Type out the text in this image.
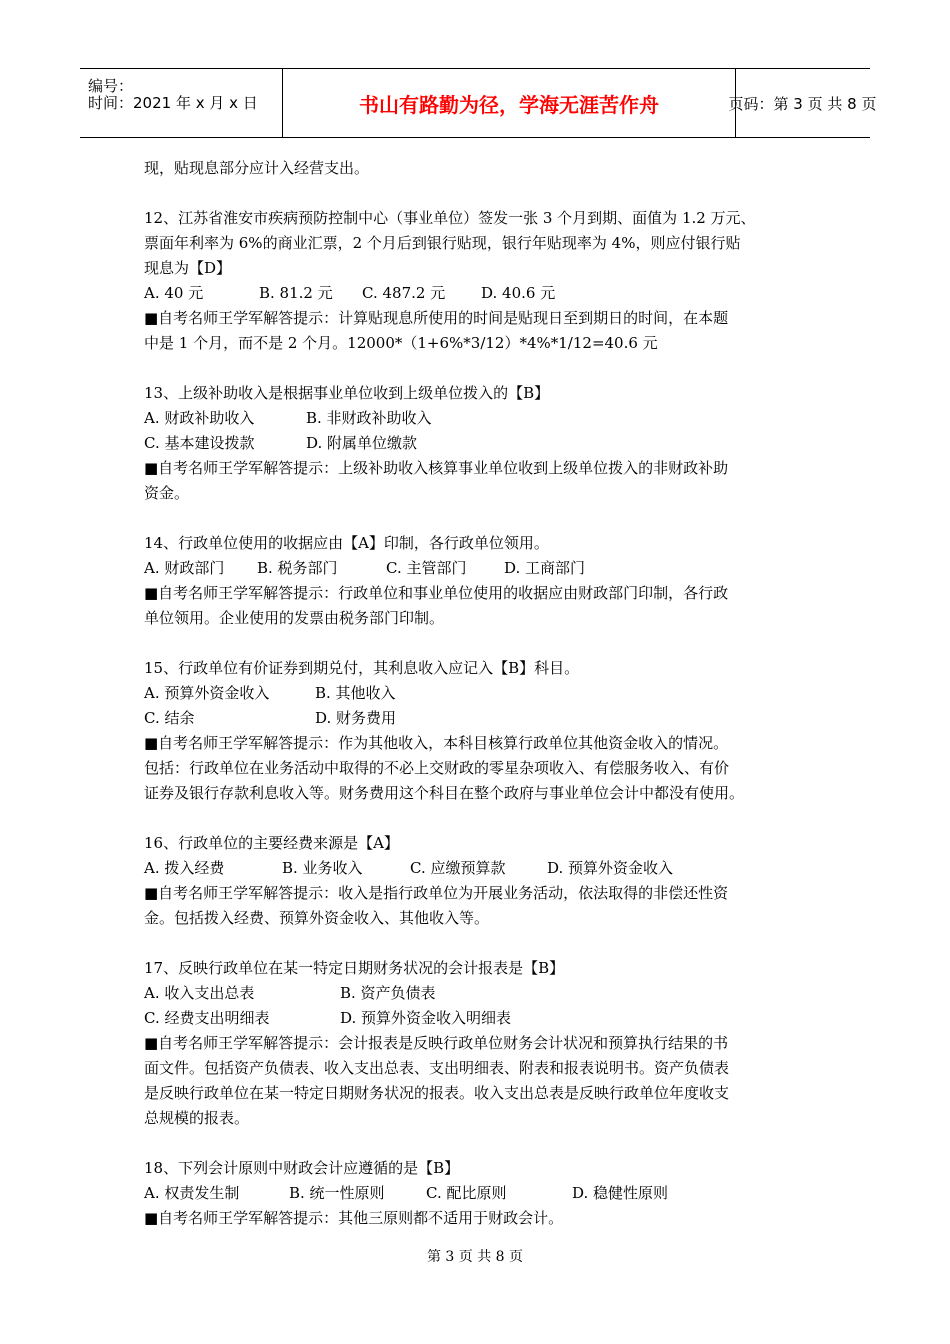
编号：
时间：2021 年 x 月 x 日	书山有路勤为径，学海无涯苦作舟	页码：第 3 页 共 8 页
现，贴现息部分应计入经营支出。
12、江苏省淮安市疾病预防控制中心（事业单位）签发一张 3 个月到期、面值为 1.2 万元、
票面年利率为 6%的商业汇票，2 个月后到银行贴现，银行年贴现率为 4%，则应付银行贴
现息为【D】
A. 40 元	B. 81.2 元	C. 487.2 元	D. 40.6 元
■自考名师王学军解答提示：计算贴现息所使用的时间是贴现日至到期日的时间，在本题
中是 1 个月，而不是 2 个月。12000*（1+6%*3/12）*4%*1/12=40.6 元
13、上级补助收入是根据事业单位收到上级单位拨入的【B】
A. 财政补助收入	B. 非财政补助收入
C. 基本建设拨款	D. 附属单位缴款
■自考名师王学军解答提示：上级补助收入核算事业单位收到上级单位拨入的非财政补助
资金。
14、行政单位使用的收据应由【A】印制，各行政单位领用。
A. 财政部门	B. 税务部门	C. 主管部门	D. 工商部门
■自考名师王学军解答提示：行政单位和事业单位使用的收据应由财政部门印制，各行政
单位领用。企业使用的发票由税务部门印制。
15、行政单位有价证券到期兑付，其利息收入应记入【B】科目。
A. 预算外资金收入	B. 其他收入
C. 结余	D. 财务费用
■自考名师王学军解答提示：作为其他收入，本科目核算行政单位其他资金收入的情况。
包括：行政单位在业务活动中取得的不必上交财政的零星杂项收入、有偿服务收入、有价
证券及银行存款利息收入等。财务费用这个科目在整个政府与事业单位会计中都没有使用。
16、行政单位的主要经费来源是【A】
A. 拨入经费	B. 业务收入	C. 应缴预算款	D. 预算外资金收入
■自考名师王学军解答提示：收入是指行政单位为开展业务活动，依法取得的非偿还性资
金。包括拨入经费、预算外资金收入、其他收入等。
17、反映行政单位在某一特定日期财务状况的会计报表是【B】
A. 收入支出总表	B. 资产负债表
C. 经费支出明细表	D. 预算外资金收入明细表
■自考名师王学军解答提示：会计报表是反映行政单位财务会计状况和预算执行结果的书
面文件。包括资产负债表、收入支出总表、支出明细表、附表和报表说明书。资产负债表
是反映行政单位在某一特定日期财务状况的报表。收入支出总表是反映行政单位年度收支
总规模的报表。
18、下列会计原则中财政会计应遵循的是【B】
A. 权责发生制	B. 统一性原则	C. 配比原则	D. 稳健性原则
■自考名师王学军解答提示：其他三原则都不适用于财政会计。
第 3 页 共 8 页
